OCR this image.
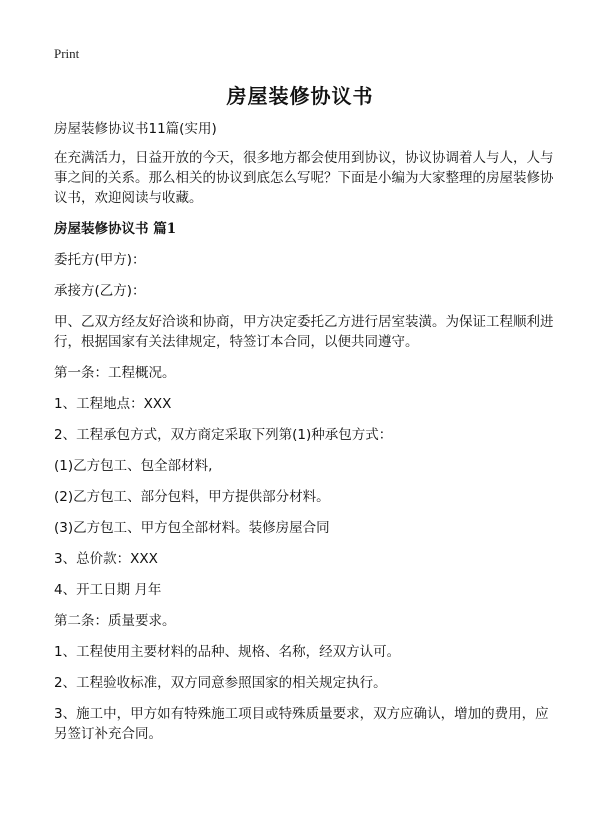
Print
房屋装修协议书

房屋装修协议书11篇(实用)

在充满活力，日益开放的今天，很多地方都会使用到协议，协议协调着人与人，人与事之间的关系。那么相关的协议到底怎么写呢？下面是小编为大家整理的房屋装修协议书，欢迎阅读与收藏。

房屋装修协议书 篇1

委托方(甲方)：

承接方(乙方)：

甲、乙双方经友好洽谈和协商，甲方决定委托乙方进行居室装潢。为保证工程顺利进行，根据国家有关法律规定，特签订本合同，以便共同遵守。

第一条：工程概况。

1、工程地点：XXX

2、工程承包方式，双方商定采取下列第(1)种承包方式：

(1)乙方包工、包全部材料,

(2)乙方包工、部分包料，甲方提供部分材料。

(3)乙方包工、甲方包全部材料。装修房屋合同

3、总价款：XXX

4、开工日期 月年

第二条：质量要求。

1、工程使用主要材料的品种、规格、名称，经双方认可。

2、工程验收标准，双方同意参照国家的相关规定执行。

3、施工中，甲方如有特殊施工项目或特殊质量要求，双方应确认，增加的费用，应另签订补充合同。
